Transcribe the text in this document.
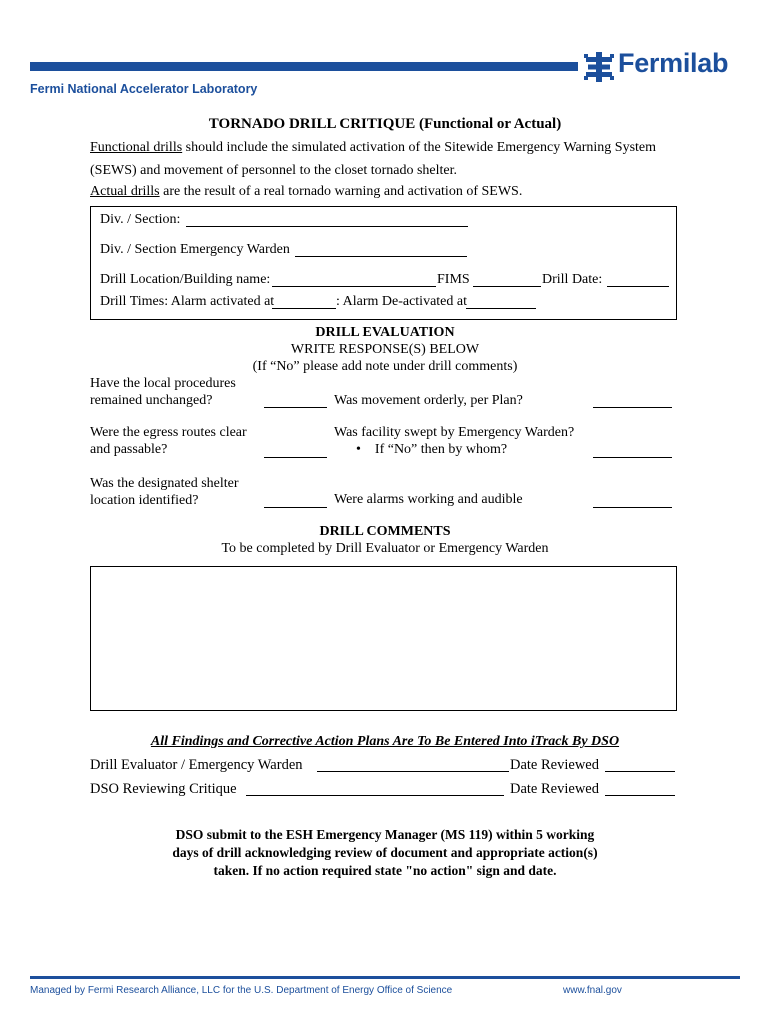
Fermilab
Fermi National Accelerator Laboratory
TORNADO DRILL CRITIQUE (Functional or Actual)
Functional drills should include the simulated activation of the Sitewide Emergency Warning System
(SEWS) and movement of personnel to the closet tornado shelter.
Actual drills are the result of a real tornado warning and activation of SEWS.
Div. / Section:
Div. / Section Emergency Warden
Drill Location/Building name:	FIMS	Drill Date:
Drill Times: Alarm activated at	: Alarm De-activated at
DRILL EVALUATION
WRITE RESPONSE(S) BELOW
(If “No” please add note under drill comments)
Have the local procedures
remained unchanged?	Was movement orderly, per Plan?
Were the egress routes clear
and passable?
Was facility swept by Emergency Warden?
• If “No” then by whom?
Was the designated shelter
location identified?	Were alarms working and audible
DRILL COMMENTS
To be completed by Drill Evaluator or Emergency Warden
All Findings and Corrective Action Plans Are To Be Entered Into iTrack By DSO
Drill Evaluator / Emergency Warden	Date Reviewed
DSO Reviewing Critique	Date Reviewed
DSO submit to the ESH Emergency Manager (MS 119) within 5 working
days of drill acknowledging review of document and appropriate action(s)
taken. If no action required state "no action" sign and date.
Managed by Fermi Research Alliance, LLC for the U.S. Department of Energy Office of Science	www.fnal.gov
